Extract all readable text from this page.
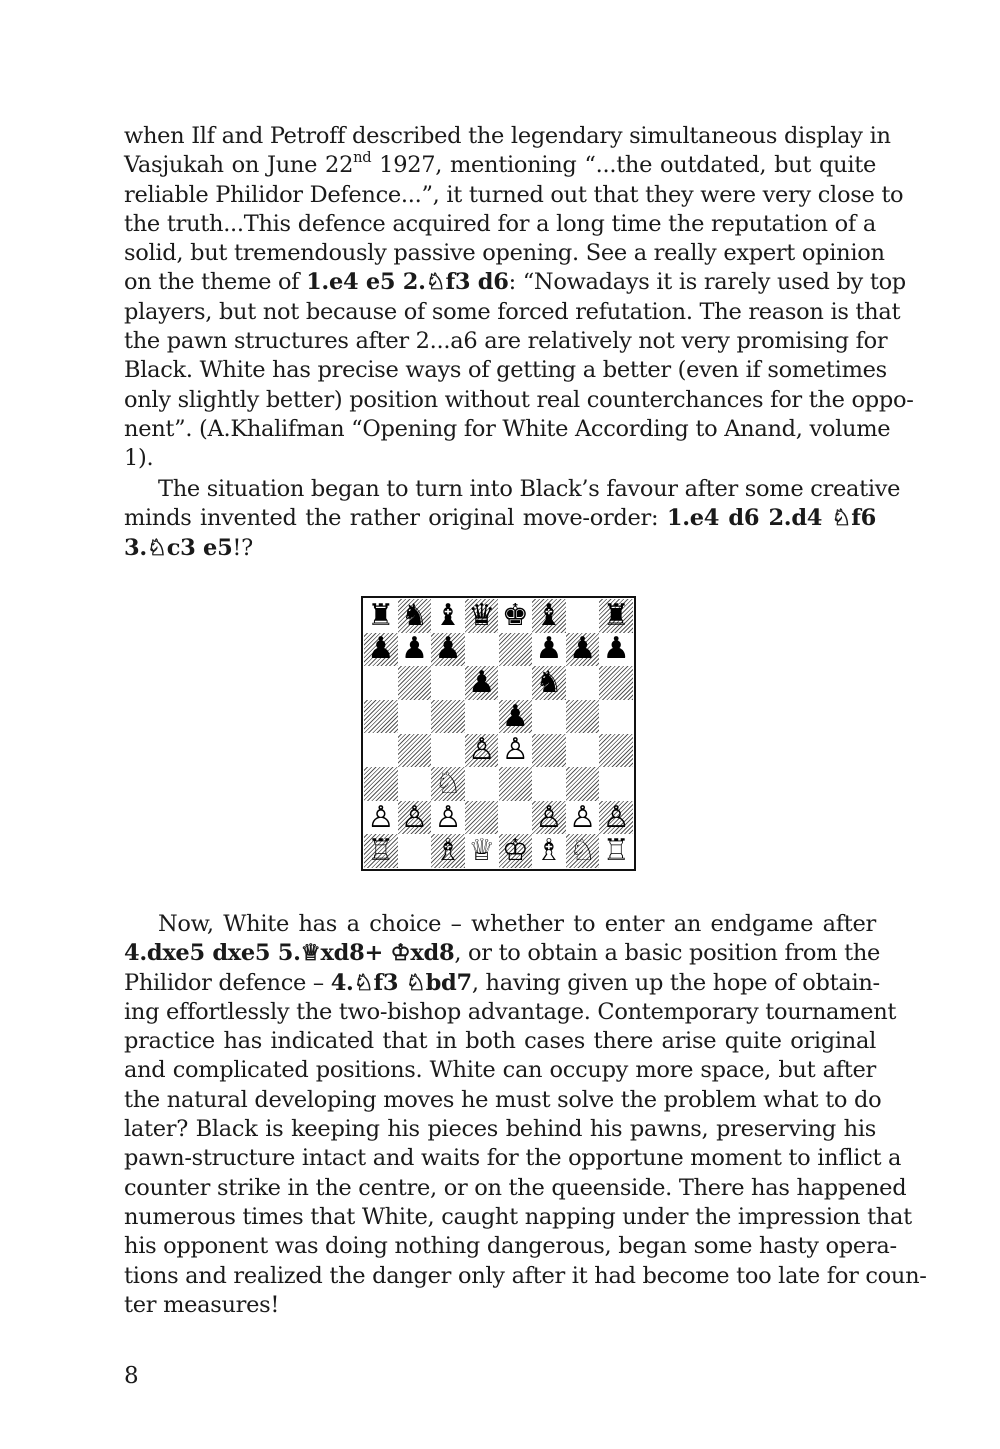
when Ilf and Petroff described the legendary simultaneous display in
Vasjukah on June 22nd 1927, mentioning “...the outdated, but quite
reliable Philidor Defence...”, it turned out that they were very close to
the truth...This defence acquired for a long time the reputation of a
solid, but tremendously passive opening. See a really expert opinion
on the theme of 1.e4 e5 2.♘f3 d6: “Nowadays it is rarely used by top
players, but not because of some forced refutation. The reason is that
the pawn structures after 2...a6 are relatively not very promising for
Black. White has precise ways of getting a better (even if sometimes
only slightly better) position without real counterchances for the oppo-
nent”. (A.Khalifman “Opening for White According to Anand, volume
1).

The situation began to turn into Black’s favour after some creative
minds invented the rather original move-order: 1.e4 d6 2.d4 ♘f6
3.♘c3 e5!?

♜ ♞ ♝ ♛ ♚ ♝ ♜
♟ ♟ ♟ ♟ ♟ ♟
♟ ♞
♟
♙ ♙
♘
♙ ♙ ♙ ♙ ♙ ♙
♖ ♗ ♕ ♔ ♗ ♘ ♖

Now, White has a choice – whether to enter an endgame after
4.dxe5 dxe5 5.♕xd8+ ♔xd8, or to obtain a basic position from the
Philidor defence – 4.♘f3 ♘bd7, having given up the hope of obtain-
ing effortlessly the two-bishop advantage. Contemporary tournament
practice has indicated that in both cases there arise quite original
and complicated positions. White can occupy more space, but after
the natural developing moves he must solve the problem what to do
later? Black is keeping his pieces behind his pawns, preserving his
pawn-structure intact and waits for the opportune moment to inflict a
counter strike in the centre, or on the queenside. There has happened
numerous times that White, caught napping under the impression that
his opponent was doing nothing dangerous, began some hasty opera-
tions and realized the danger only after it had become too late for coun-
ter measures!

8
